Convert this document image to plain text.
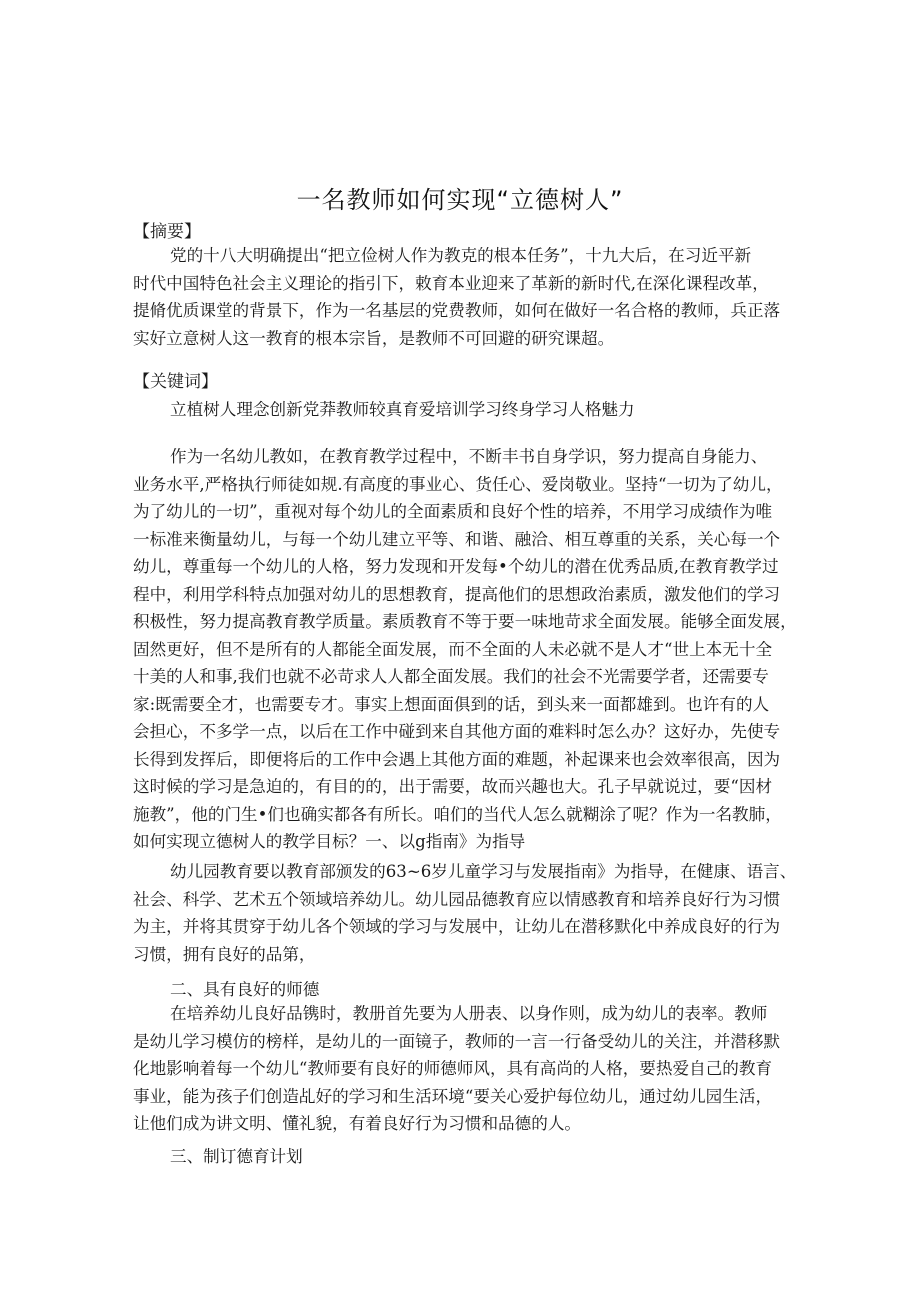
一名教师如何实现“立德树人”
【摘要】
党的十八大明确提出“把立俭树人作为教克的根本任务”，十九大后，在习近平新
时代中国特色社会主义理论的指引下，敕育本业迎来了革新的新时代,在深化课程改革，
提脩优质课堂的背景下，作为一名基层的党费教师，如何在做好一名合格的教师，兵正落
实好立意树人这一教育的根本宗旨，是教师不可回避的研究课超。
【关键词】
立植树人理念创新党莽教师较真育爱培训学习终身学习人格魅力
作为一名幼儿教如，在教育教学过程中，不断丰书自身学识，努力提高自身能力、
业务水平,严格执行师徒如规.有高度的事业心、货任心、爱岗敬业。坚持“一切为了幼儿，
为了幼儿的一切”，重视对每个幼儿的全面素质和良好个性的培养，不用学习成绩作为唯
一标准来衡量幼儿，与每一个幼儿建立平等、和谐、融洽、相互尊重的关系，关心每一个
幼儿，尊重每一个幼儿的人格，努力发现和开发每•个幼儿的潜在优秀品质,在教育教学过
程中，利用学科特点加强对幼儿的思想教育，提高他们的思想政治素质，激发他们的学习
积极性，努力提高教育教学质量。素质教育不等于要一味地苛求全面发展。能够全面发展，
固然更好，但不是所有的人都能全面发展，而不全面的人未必就不是人才“世上本无十全
十美的人和事,我们也就不必苛求人人都全面发展。我们的社会不光需要学者，还需要专
家:既需要全才，也需要专才。事实上想面面俱到的话，到头来一面都雄到。也许有的人
会担心，不多学一点，以后在工作中碰到来自其他方面的难料时怎么办？这好办，先使专
长得到发挥后，即便将后的工作中会遇上其他方面的难题，补起课来也会效率很高，因为
这时候的学习是急迫的，有目的的，出于需要，故而兴趣也大。孔子早就说过，要“因材
施教”，他的门生•们也确实都各有所长。咱们的当代人怎么就糊涂了呢？作为一名教肺，
如何实现立德树人的教学目标？一、以g指南》为指导
幼儿园教育要以教育部颁发的63~6岁儿童学习与发展指南》为指导，在健康、语言、
社会、科学、艺术五个领域培养幼儿。幼儿园品德教育应以情感教育和培养良好行为习惯
为主，并将其贯穿于幼儿各个领域的学习与发展中，让幼儿在潜移默化中养成良好的行为
习惯，拥有良好的品第，
二、具有良好的师德
在培养幼儿良好品镌时，教册首先要为人册表、以身作则，成为幼儿的表率。教师
是幼儿学习模仿的榜样，是幼儿的一面镜子，教师的一言一行备受幼儿的关注，并潜移默
化地影响着每一个幼儿“教师要有良好的师德师风，具有高尚的人格，要热爱自己的教育
事业，能为孩子们创造乩好的学习和生活环境“要关心爱护每位幼儿，通过幼儿园生活，
让他们成为讲文明、懂礼貌，有着良好行为习惯和品德的人。
三、制订德育计划
